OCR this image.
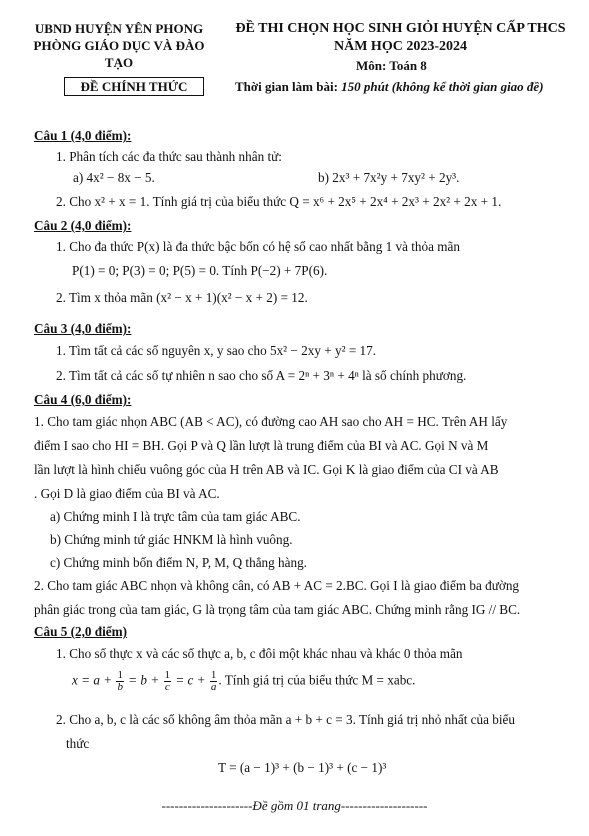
UBND HUYỆN YÊN PHONG
PHÒNG GIÁO DỤC VÀ ĐÀO TẠO
ĐỀ THI CHỌN HỌC SINH GIỎI HUYỆN CẤP THCS
NĂM HỌC 2023-2024
Môn: Toán 8
ĐỀ CHÍNH THỨC	Thời gian làm bài: 150 phút (không kể thời gian giao đề)
Câu 1 (4,0 điểm):
1. Phân tích các đa thức sau thành nhân tử:
a) 4x² − 8x − 5.	b) 2x³ + 7x²y + 7xy² + 2y³.
2. Cho x² + x = 1. Tính giá trị của biểu thức Q = x⁶ + 2x⁵ + 2x⁴ + 2x³ + 2x² + 2x + 1.
Câu 2 (4,0 điểm):
1. Cho đa thức P(x) là đa thức bậc bốn có hệ số cao nhất bằng 1 và thỏa mãn
P(1) = 0; P(3) = 0; P(5) = 0. Tính P(−2) + 7P(6).
2. Tìm x thỏa mãn (x² − x + 1)(x² − x + 2) = 12.
Câu 3 (4,0 điểm):
1. Tìm tất cả các số nguyên x, y sao cho 5x² − 2xy + y² = 17.
2. Tìm tất cả các số tự nhiên n sao cho số A = 2ⁿ + 3ⁿ + 4ⁿ là số chính phương.
Câu 4 (6,0 điểm):
1. Cho tam giác nhọn ABC (AB < AC), có đường cao AH sao cho AH = HC. Trên AH lấy
điểm I sao cho HI = BH. Gọi P và Q lần lượt là trung điểm của BI và AC. Gọi N và M
lần lượt là hình chiếu vuông góc của H trên AB và IC. Gọi K là giao điểm của CI và AB
. Gọi D là giao điểm của BI và AC.
a) Chứng minh I là trực tâm của tam giác ABC.
b) Chứng minh tứ giác HNKM là hình vuông.
c) Chứng minh bốn điểm N, P, M, Q thẳng hàng.
2. Cho tam giác ABC nhọn và không cân, có AB + AC = 2.BC. Gọi I là giao điểm ba đường
phân giác trong của tam giác, G là trọng tâm của tam giác ABC. Chứng minh rằng IG // BC.
Câu 5 (2,0 điểm)
1. Cho số thực x và các số thực a, b, c đôi một khác nhau và khác 0 thỏa mãn
$x = a + \frac{1}{b} = b + \frac{1}{c} = c + \frac{1}{a}$ . Tính giá trị của biểu thức M = xabc.
2. Cho a, b, c là các số không âm thỏa mãn a + b + c = 3. Tính giá trị nhỏ nhất của biểu
thức
T = (a − 1)³ + (b − 1)³ + (c − 1)³
---------------------Đề gồm 01 trang--------------------
